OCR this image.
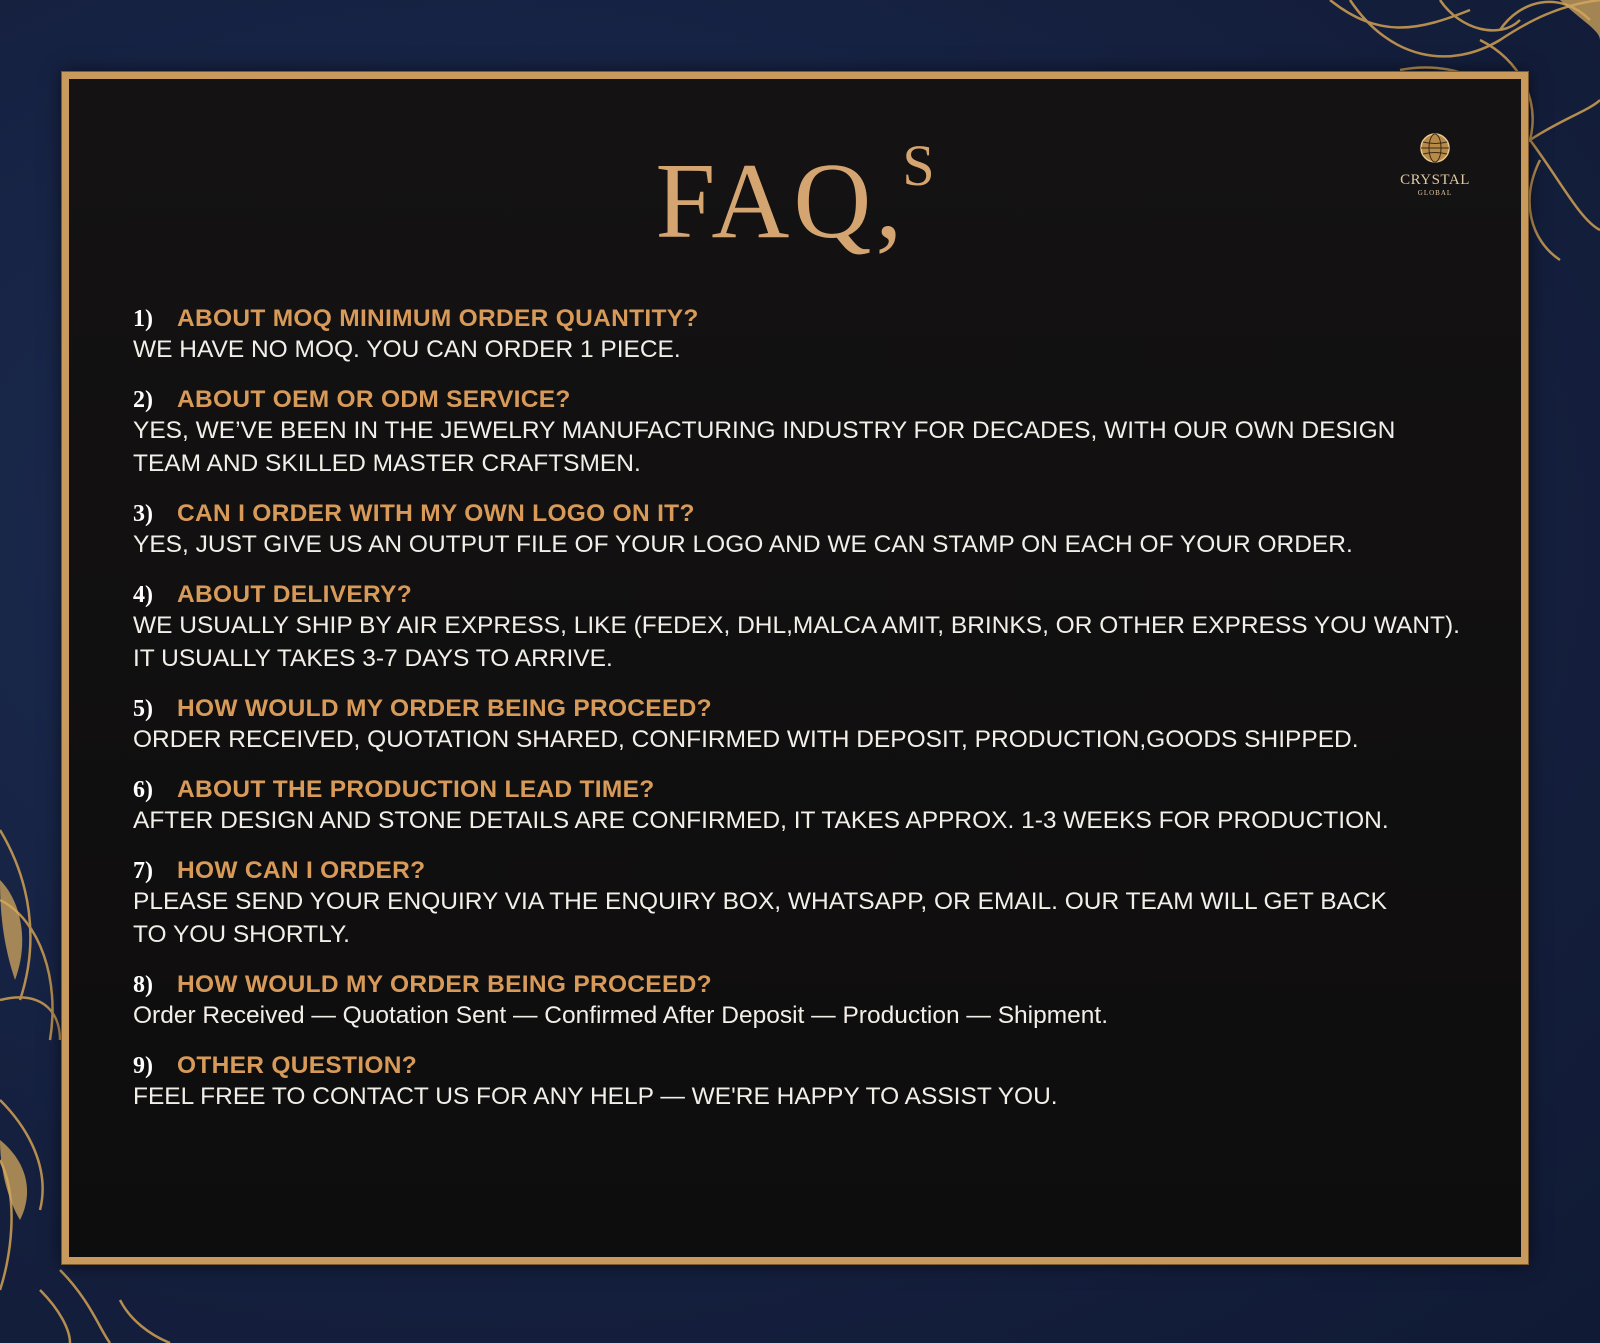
FAQ,$^S$	CRYSTAL
GLOBAL
1) ABOUT MOQ MINIMUM ORDER QUANTITY?
WE HAVE NO MOQ. YOU CAN ORDER 1 PIECE.
2) ABOUT OEM OR ODM SERVICE?
YES, WE’VE BEEN IN THE JEWELRY MANUFACTURING INDUSTRY FOR DECADES, WITH OUR OWN DESIGN
TEAM AND SKILLED MASTER CRAFTSMEN.
3) CAN I ORDER WITH MY OWN LOGO ON IT?
YES, JUST GIVE US AN OUTPUT FILE OF YOUR LOGO AND WE CAN STAMP ON EACH OF YOUR ORDER.
4) ABOUT DELIVERY?
WE USUALLY SHIP BY AIR EXPRESS, LIKE (FEDEX, DHL,MALCA AMIT, BRINKS, OR OTHER EXPRESS YOU WANT).
IT USUALLY TAKES 3-7 DAYS TO ARRIVE.
5) HOW WOULD MY ORDER BEING PROCEED?
ORDER RECEIVED, QUOTATION SHARED, CONFIRMED WITH DEPOSIT, PRODUCTION,GOODS SHIPPED.
6) ABOUT THE PRODUCTION LEAD TIME?
AFTER DESIGN AND STONE DETAILS ARE CONFIRMED, IT TAKES APPROX. 1-3 WEEKS FOR PRODUCTION.
7) HOW CAN I ORDER?
PLEASE SEND YOUR ENQUIRY VIA THE ENQUIRY BOX, WHATSAPP, OR EMAIL. OUR TEAM WILL GET BACK
TO YOU SHORTLY.
8) HOW WOULD MY ORDER BEING PROCEED?
Order Received — Quotation Sent — Confirmed After Deposit — Production — Shipment.
9) OTHER QUESTION?
FEEL FREE TO CONTACT US FOR ANY HELP — WE'RE HAPPY TO ASSIST YOU.
